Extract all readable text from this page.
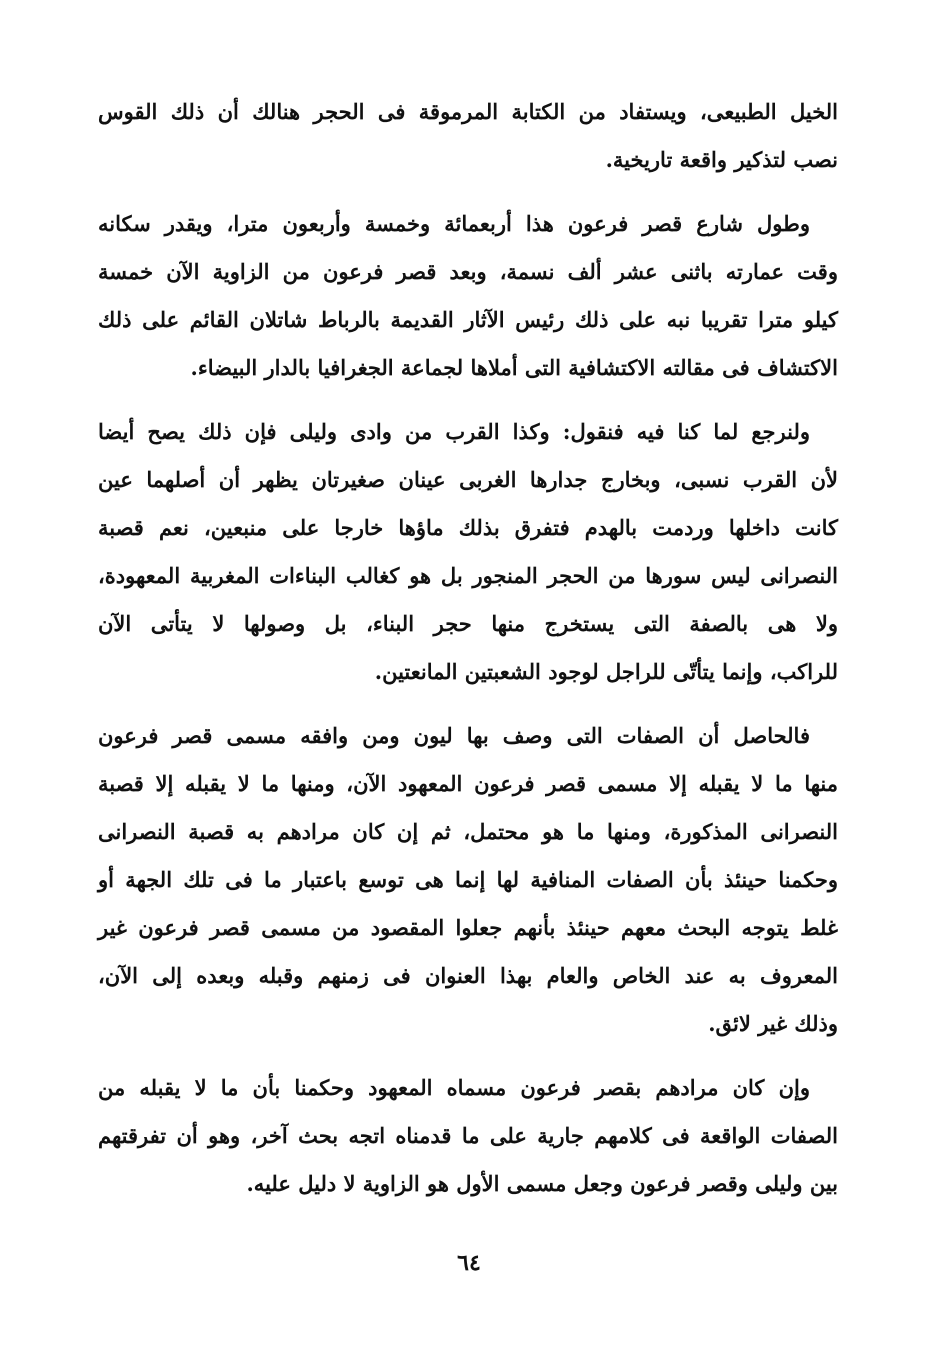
الخيل الطبيعى، ويستفاد من الكتابة المرموقة فى الحجر هنالك أن ذلك القوس
نصب لتذكير واقعة تاريخية.
وطول شارع قصر فرعون هذا أربعمائة وخمسة وأربعون مترا، ويقدر سكانه
وقت عمارته باثنى عشر ألف نسمة، وبعد قصر فرعون من الزاوية الآن خمسة
كيلو مترا تقريبا نبه على ذلك رئيس الآثار القديمة بالرباط شاتلان القائم على ذلك
الاكتشاف فى مقالته الاكتشافية التى أملاها لجماعة الجغرافيا بالدار البيضاء.
ولنرجع لما كنا فيه فنقول: وكذا القرب من وادى وليلى فإن ذلك يصح أيضا
لأن القرب نسبى، وبخارج جدارها الغربى عينان صغيرتان يظهر أن أصلهما عين
كانت داخلها وردمت بالهدم فتفرق بذلك ماؤها خارجا على منبعين، نعم قصبة
النصرانى ليس سورها من الحجر المنجور بل هو كغالب البناءات المغربية المعهودة،
ولا هى بالصفة التى يستخرج منها حجر البناء، بل وصولها لا يتأتى الآن
للراكب، وإنما يتأتّى للراجل لوجود الشعبتين المانعتين.
فالحاصل أن الصفات التى وصف بها ليون ومن وافقه مسمى قصر فرعون
منها ما لا يقبله إلا مسمى قصر فرعون المعهود الآن، ومنها ما لا يقبله إلا قصبة
النصرانى المذكورة، ومنها ما هو محتمل، ثم إن كان مرادهم به قصبة النصرانى
وحكمنا حينئذ بأن الصفات المنافية لها إنما هى توسع باعتبار ما فى تلك الجهة أو
غلط يتوجه البحث معهم حينئذ بأنهم جعلوا المقصود من مسمى قصر فرعون غير
المعروف به عند الخاص والعام بهذا العنوان فى زمنهم وقبله وبعده إلى الآن،
وذلك غير لائق.
وإن كان مرادهم بقصر فرعون مسماه المعهود وحكمنا بأن ما لا يقبله من
الصفات الواقعة فى كلامهم جارية على ما قدمناه اتجه بحث آخر، وهو أن تفرقتهم
بين وليلى وقصر فرعون وجعل مسمى الأول هو الزاوية لا دليل عليه.
٦٤
